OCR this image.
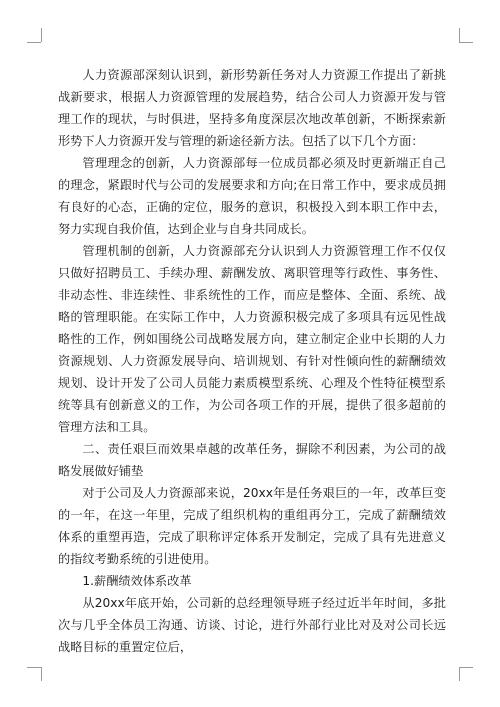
人力资源部深刻认识到，新形势新任务对人力资源工作提出了新挑战新要求，根据人力资源管理的发展趋势，结合公司人力资源开发与管理工作的现状，与时俱进，坚持多角度深层次地改革创新，不断探索新形势下人力资源开发与管理的新途径新方法。包括了以下几个方面：

管理理念的创新，人力资源部每一位成员都必须及时更新端正自己的理念，紧跟时代与公司的发展要求和方向;在日常工作中，要求成员拥有良好的心态，正确的定位，服务的意识，积极投入到本职工作中去，努力实现自我价值，达到企业与自身共同成长。

管理机制的创新，人力资源部充分认识到人力资源管理工作不仅仅只做好招聘员工、手续办理、薪酬发放、离职管理等行政性、事务性、非动态性、非连续性、非系统性的工作，而应是整体、全面、系统、战略的管理职能。在实际工作中，人力资源积极完成了多项具有远见性战略性的工作，例如围绕公司战略发展方向，建立制定企业中长期的人力资源规划、人力资源发展导向、培训规划、有针对性倾向性的薪酬绩效规划、设计开发了公司人员能力素质模型系统、心理及个性特征模型系统等具有创新意义的工作，为公司各项工作的开展，提供了很多超前的管理方法和工具。

二、责任艰巨而效果卓越的改革任务，摒除不利因素，为公司的战略发展做好铺垫

对于公司及人力资源部来说，20xx年是任务艰巨的一年，改革巨变的一年，在这一年里，完成了组织机构的重组再分工，完成了薪酬绩效体系的重塑再造，完成了职称评定体系开发制定，完成了具有先进意义的指纹考勤系统的引进使用。

1.薪酬绩效体系改革

从20xx年底开始，公司新的总经理领导班子经过近半年时间，多批次与几乎全体员工沟通、访谈、讨论，进行外部行业比对及对公司长远战略目标的重置定位后，
